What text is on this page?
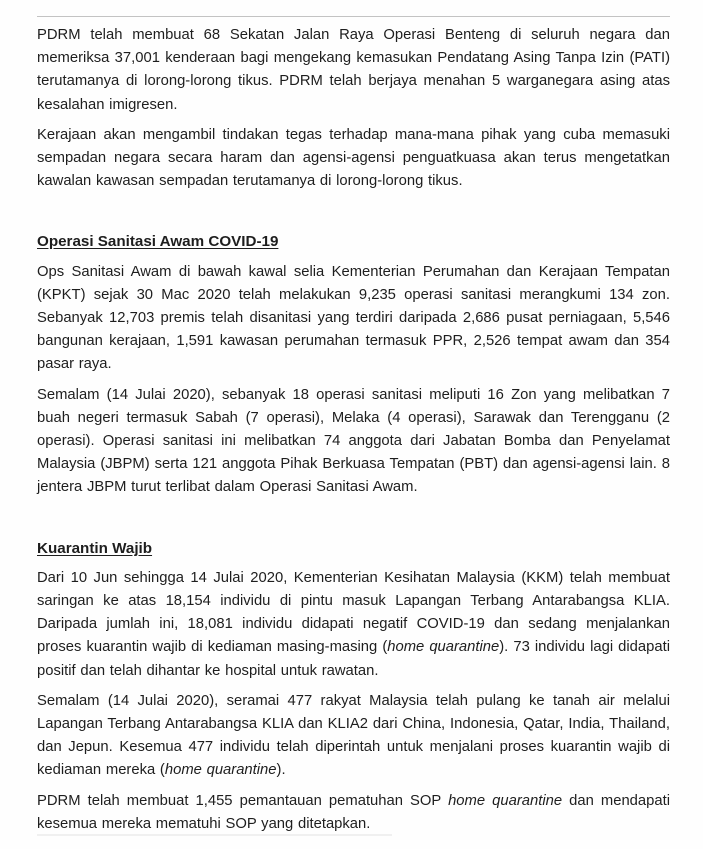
PDRM telah membuat 68 Sekatan Jalan Raya Operasi Benteng di seluruh negara dan memeriksa 37,001 kenderaan bagi mengekang kemasukan Pendatang Asing Tanpa Izin (PATI) terutamanya di lorong-lorong tikus. PDRM telah berjaya menahan 5 warganegara asing atas kesalahan imigresen.

Kerajaan akan mengambil tindakan tegas terhadap mana-mana pihak yang cuba memasuki sempadan negara secara haram dan agensi-agensi penguatkuasa akan terus mengetatkan kawalan kawasan sempadan terutamanya di lorong-lorong tikus.

Operasi Sanitasi Awam COVID-19

Ops Sanitasi Awam di bawah kawal selia Kementerian Perumahan dan Kerajaan Tempatan (KPKT) sejak 30 Mac 2020 telah melakukan 9,235 operasi sanitasi merangkumi 134 zon. Sebanyak 12,703 premis telah disanitasi yang terdiri daripada 2,686 pusat perniagaan, 5,546 bangunan kerajaan, 1,591 kawasan perumahan termasuk PPR, 2,526 tempat awam dan 354 pasar raya.

Semalam (14 Julai 2020), sebanyak 18 operasi sanitasi meliputi 16 Zon yang melibatkan 7 buah negeri termasuk Sabah (7 operasi), Melaka (4 operasi), Sarawak dan Terengganu (2 operasi). Operasi sanitasi ini melibatkan 74 anggota dari Jabatan Bomba dan Penyelamat Malaysia (JBPM) serta 121 anggota Pihak Berkuasa Tempatan (PBT) dan agensi-agensi lain. 8 jentera JBPM turut terlibat dalam Operasi Sanitasi Awam.

Kuarantin Wajib

Dari 10 Jun sehingga 14 Julai 2020, Kementerian Kesihatan Malaysia (KKM) telah membuat saringan ke atas 18,154 individu di pintu masuk Lapangan Terbang Antarabangsa KLIA. Daripada jumlah ini, 18,081 individu didapati negatif COVID-19 dan sedang menjalankan proses kuarantin wajib di kediaman masing-masing (home quarantine). 73 individu lagi didapati positif dan telah dihantar ke hospital untuk rawatan.

Semalam (14 Julai 2020), seramai 477 rakyat Malaysia telah pulang ke tanah air melalui Lapangan Terbang Antarabangsa KLIA dan KLIA2 dari China, Indonesia, Qatar, India, Thailand, dan Jepun. Kesemua 477 individu telah diperintah untuk menjalani proses kuarantin wajib di kediaman mereka (home quarantine).

PDRM telah membuat 1,455 pemantauan pematuhan SOP home quarantine dan mendapati kesemua mereka mematuhi SOP yang ditetapkan.
